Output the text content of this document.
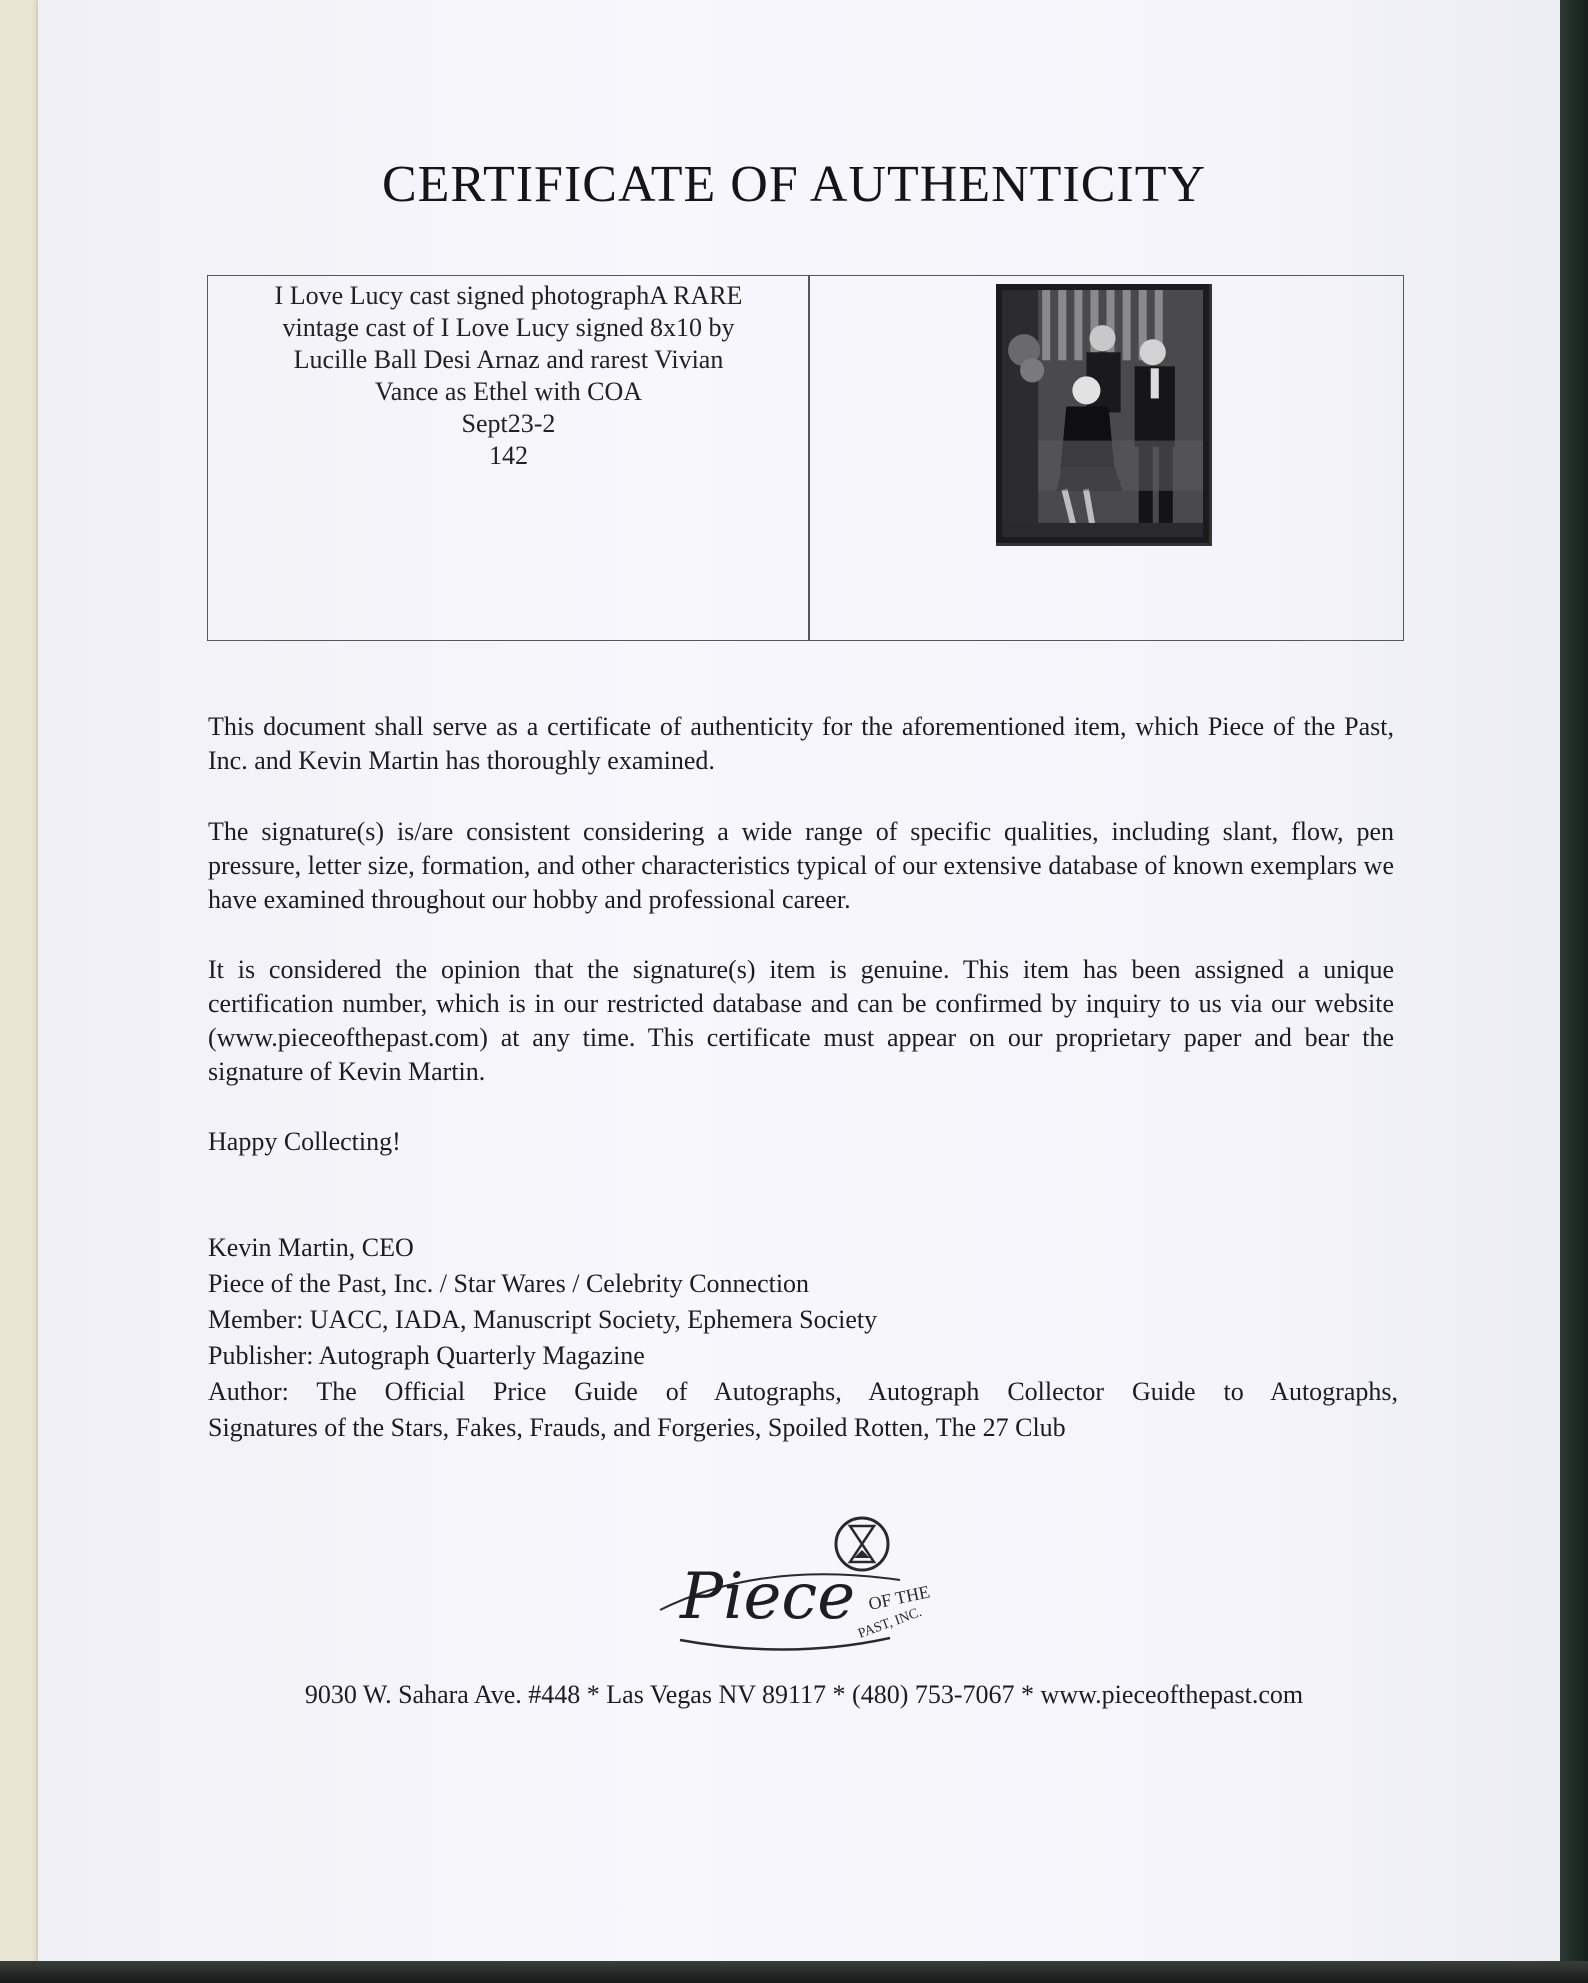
CERTIFICATE OF AUTHENTICITY
I Love Lucy cast signed photographA RARE
vintage cast of I Love Lucy signed 8x10 by
Lucille Ball Desi Arnaz and rarest Vivian
Vance as Ethel with COA
Sept23-2
142
This document shall serve as a certificate of authenticity for the aforementioned item, which Piece of the Past, Inc. and Kevin Martin has thoroughly examined.
The signature(s) is/are consistent considering a wide range of specific qualities, including slant, flow, pen pressure, letter size, formation, and other characteristics typical of our extensive database of known exemplars we have examined throughout our hobby and professional career.
It is considered the opinion that the signature(s) item is genuine. This item has been assigned a unique certification number, which is in our restricted database and can be confirmed by inquiry to us via our website (www.pieceofthepast.com) at any time. This certificate must appear on our proprietary paper and bear the signature of Kevin Martin.
Happy Collecting!
Kevin Martin, CEO
Piece of the Past, Inc. / Star Wares / Celebrity Connection
Member: UACC, IADA, Manuscript Society, Ephemera Society
Publisher: Autograph Quarterly Magazine
Author: The Official Price Guide of Autographs, Autograph Collector Guide to Autographs,
Signatures of the Stars, Fakes, Frauds, and Forgeries, Spoiled Rotten, The 27 Club
Piece OF THE
PAST, INC.
9030 W. Sahara Ave. #448 * Las Vegas NV 89117 * (480) 753-7067 * www.pieceofthepast.com
